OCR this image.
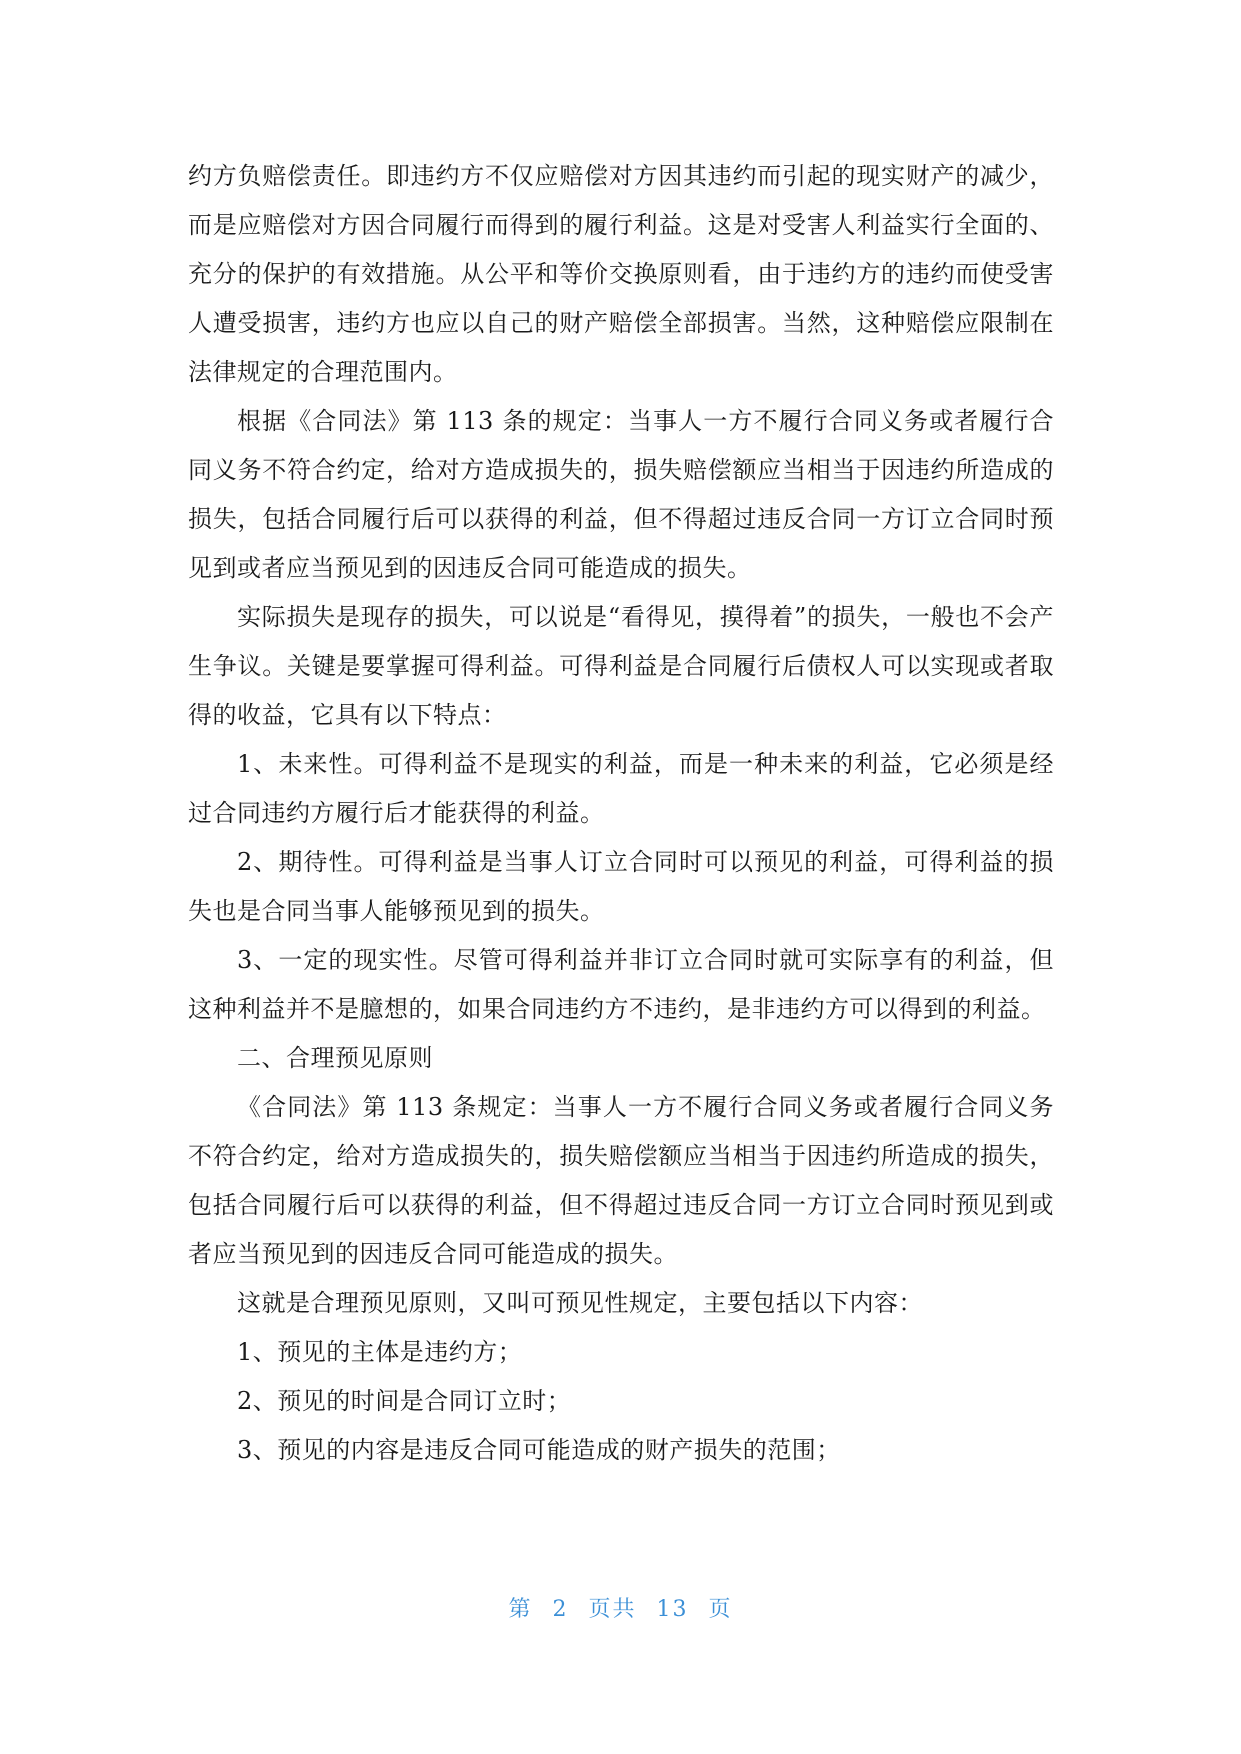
约方负赔偿责任。即违约方不仅应赔偿对方因其违约而引起的现实财产的减少，而是应赔偿对方因合同履行而得到的履行利益。这是对受害人利益实行全面的、充分的保护的有效措施。从公平和等价交换原则看，由于违约方的违约而使受害人遭受损害，违约方也应以自己的财产赔偿全部损害。当然，这种赔偿应限制在法律规定的合理范围内。

根据《合同法》第 113 条的规定：当事人一方不履行合同义务或者履行合同义务不符合约定，给对方造成损失的，损失赔偿额应当相当于因违约所造成的损失，包括合同履行后可以获得的利益，但不得超过违反合同一方订立合同时预见到或者应当预见到的因违反合同可能造成的损失。

实际损失是现存的损失，可以说是“看得见，摸得着”的损失，一般也不会产生争议。关键是要掌握可得利益。可得利益是合同履行后债权人可以实现或者取得的收益，它具有以下特点：

1、未来性。可得利益不是现实的利益，而是一种未来的利益，它必须是经过合同违约方履行后才能获得的利益。

2、期待性。可得利益是当事人订立合同时可以预见的利益，可得利益的损失也是合同当事人能够预见到的损失。

3、一定的现实性。尽管可得利益并非订立合同时就可实际享有的利益，但这种利益并不是臆想的，如果合同违约方不违约，是非违约方可以得到的利益。

二、合理预见原则

《合同法》第 113 条规定：当事人一方不履行合同义务或者履行合同义务不符合约定，给对方造成损失的，损失赔偿额应当相当于因违约所造成的损失，包括合同履行后可以获得的利益，但不得超过违反合同一方订立合同时预见到或者应当预见到的因违反合同可能造成的损失。

这就是合理预见原则，又叫可预见性规定，主要包括以下内容：

1、预见的主体是违约方；

2、预见的时间是合同订立时；

3、预见的内容是违反合同可能造成的财产损失的范围；

第 2 页共 13 页
